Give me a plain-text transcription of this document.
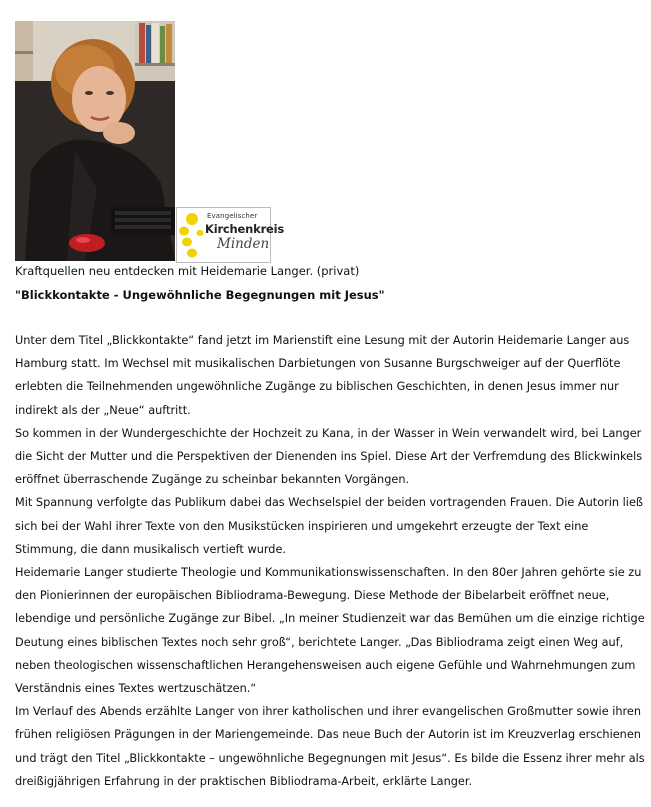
Evangelischer
Kirchenkreis
Minden
Kraftquellen neu entdecken mit Heidemarie Langer. (privat)
"Blickkontakte - Ungewöhnliche Begegnungen mit Jesus"

Unter dem Titel „Blickkontakte“ fand jetzt im Marienstift eine Lesung mit der Autorin Heidemarie Langer aus Hamburg statt. Im Wechsel mit musikalischen Darbietungen von Susanne Burgschweiger auf der Querflöte erlebten die Teilnehmenden ungewöhnliche Zugänge zu biblischen Geschichten, in denen Jesus immer nur indirekt als der „Neue“ auftritt.

So kommen in der Wundergeschichte der Hochzeit zu Kana, in der Wasser in Wein verwandelt wird, bei Langer die Sicht der Mutter und die Perspektiven der Dienenden ins Spiel. Diese Art der Verfremdung des Blickwinkels eröffnet überraschende Zugänge zu scheinbar bekannten Vorgängen.

Mit Spannung verfolgte das Publikum dabei das Wechselspiel der beiden vortragenden Frauen. Die Autorin ließ sich bei der Wahl ihrer Texte von den Musikstücken inspirieren und umgekehrt erzeugte der Text eine Stimmung, die dann musikalisch vertieft wurde.

Heidemarie Langer studierte Theologie und Kommunikationswissenschaften. In den 80er Jahren gehörte sie zu den Pionierinnen der europäischen Bibliodrama-Bewegung. Diese Methode der Bibelarbeit eröffnet neue, lebendige und persönliche Zugänge zur Bibel. „In meiner Studienzeit war das Bemühen um die einzige richtige Deutung eines biblischen Textes noch sehr groß“, berichtete Langer. „Das Bibliodrama zeigt einen Weg auf, neben theologischen wissenschaftlichen Herangehensweisen auch eigene Gefühle und Wahrnehmungen zum Verständnis eines Textes wertzuschätzen.“

Im Verlauf des Abends erzählte Langer von ihrer katholischen und ihrer evangelischen Großmutter sowie ihren frühen religiösen Prägungen in der Mariengemeinde. Das neue Buch der Autorin ist im Kreuzverlag erschienen und trägt den Titel „Blickkontakte – ungewöhnliche Begegnungen mit Jesus“. Es bilde die Essenz ihrer mehr als dreißigjährigen Erfahrung in der praktischen Bibliodrama-Arbeit, erklärte Langer.
